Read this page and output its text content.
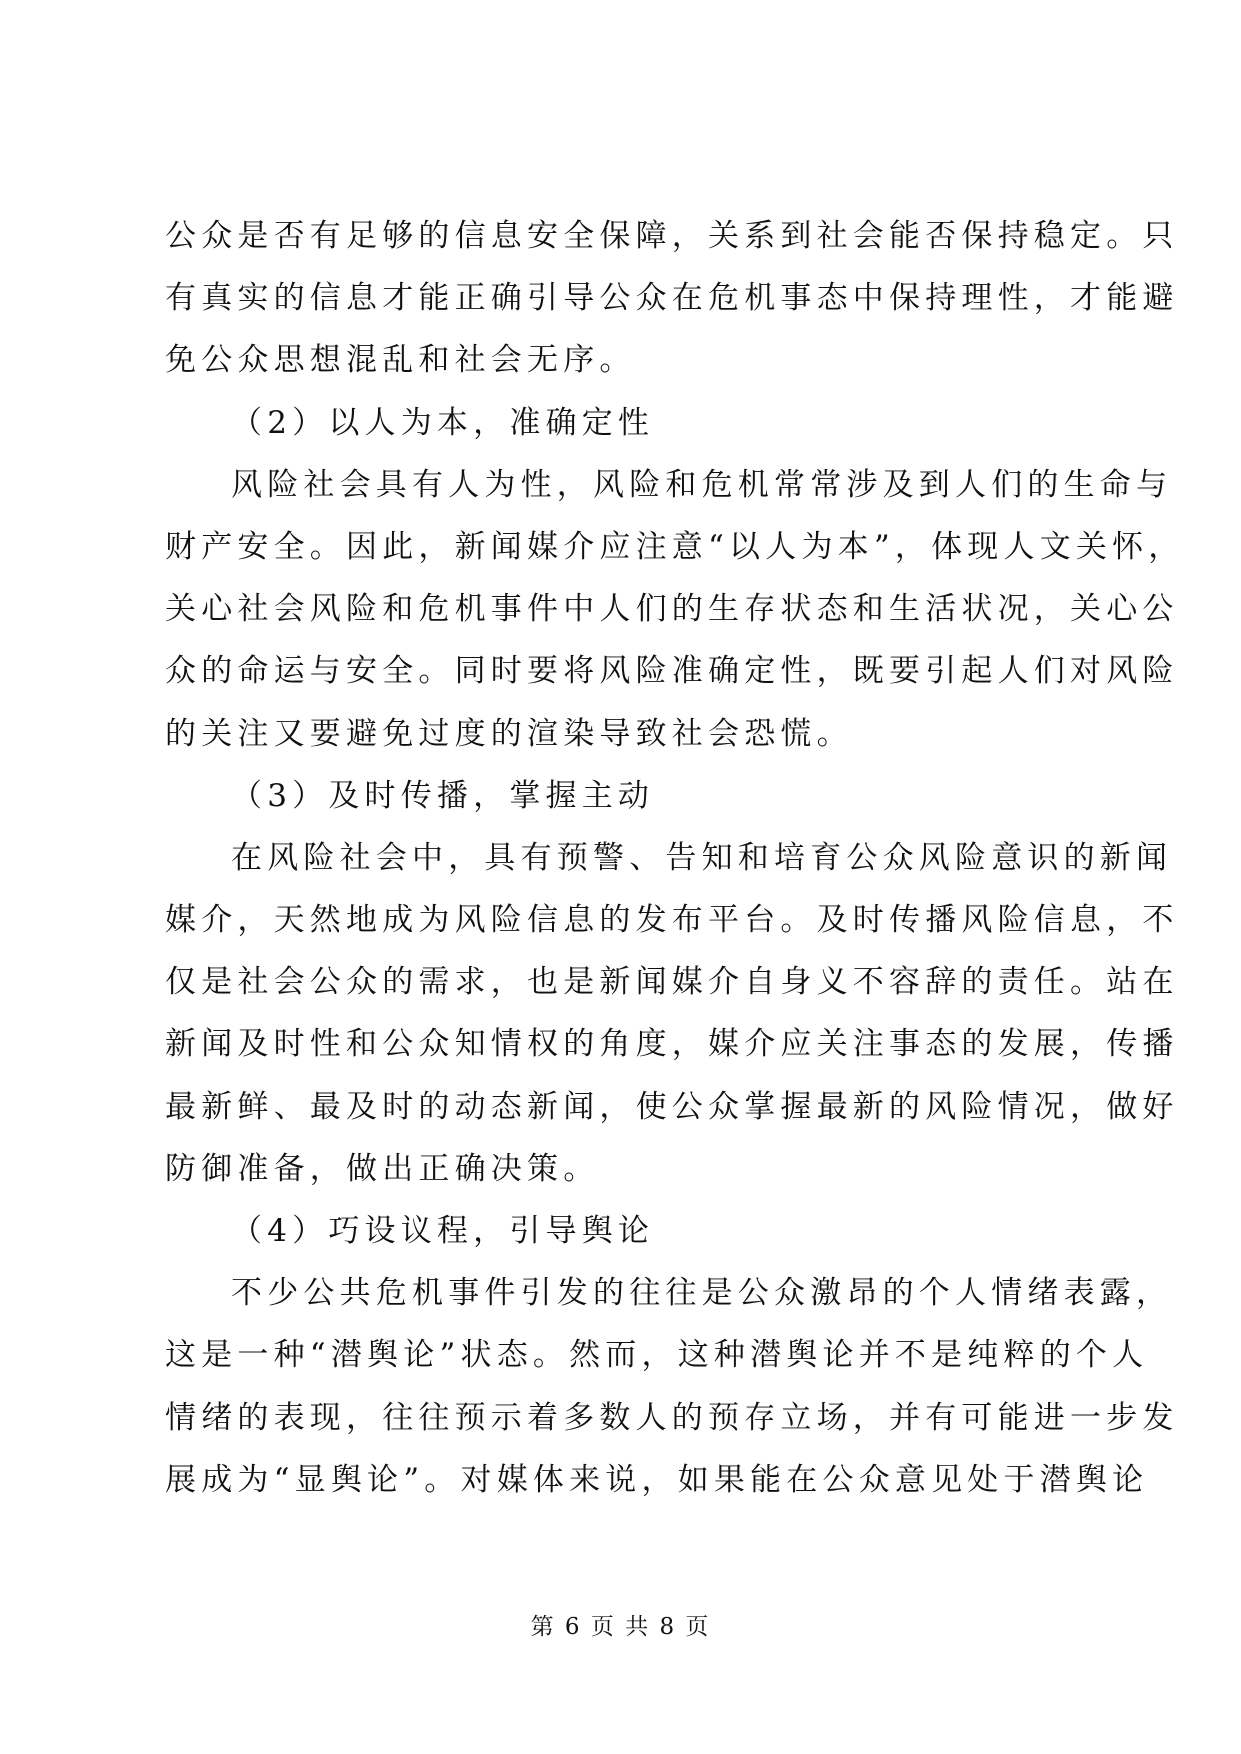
公众是否有足够的信息安全保障，关系到社会能否保持稳定。只
有真实的信息才能正确引导公众在危机事态中保持理性，才能避
免公众思想混乱和社会无序。
（2）以人为本，准确定性
风险社会具有人为性，风险和危机常常涉及到人们的生命与
财产安全。因此，新闻媒介应注意“以人为本”，体现人文关怀，
关心社会风险和危机事件中人们的生存状态和生活状况，关心公
众的命运与安全。同时要将风险准确定性，既要引起人们对风险
的关注又要避免过度的渲染导致社会恐慌。
（3）及时传播，掌握主动
在风险社会中，具有预警、告知和培育公众风险意识的新闻
媒介，天然地成为风险信息的发布平台。及时传播风险信息，不
仅是社会公众的需求，也是新闻媒介自身义不容辞的责任。站在
新闻及时性和公众知情权的角度，媒介应关注事态的发展，传播
最新鲜、最及时的动态新闻，使公众掌握最新的风险情况，做好
防御准备，做出正确决策。
（4）巧设议程，引导舆论
不少公共危机事件引发的往往是公众激昂的个人情绪表露，
这是一种“潜舆论”状态。然而，这种潜舆论并不是纯粹的个人
情绪的表现，往往预示着多数人的预存立场，并有可能进一步发
展成为“显舆论”。对媒体来说，如果能在公众意见处于潜舆论
第 6 页 共 8 页
